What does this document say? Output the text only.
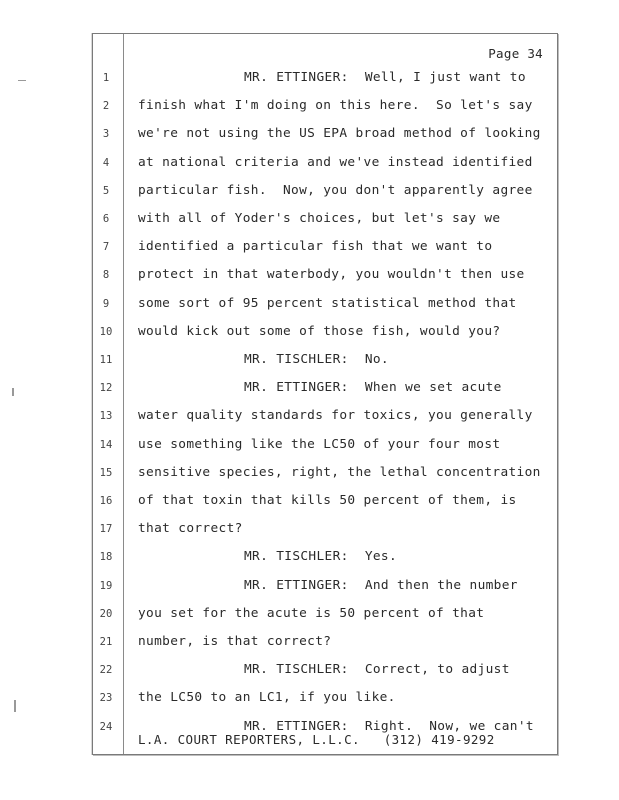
Page 34
1	MR. ETTINGER:  Well, I just want to
2	finish what I'm doing on this here.  So let's say
3	we're not using the US EPA broad method of looking
4	at national criteria and we've instead identified
5	particular fish.  Now, you don't apparently agree
6	with all of Yoder's choices, but let's say we
7	identified a particular fish that we want to
8	protect in that waterbody, you wouldn't then use
9	some sort of 95 percent statistical method that
10	would kick out some of those fish, would you?
11	MR. TISCHLER:  No.
12	MR. ETTINGER:  When we set acute
13	water quality standards for toxics, you generally
14	use something like the LC50 of your four most
15	sensitive species, right, the lethal concentration
16	of that toxin that kills 50 percent of them, is
17	that correct?
18	MR. TISCHLER:  Yes.
19	MR. ETTINGER:  And then the number
20	you set for the acute is 50 percent of that
21	number, is that correct?
22	MR. TISCHLER:  Correct, to adjust
23	the LC50 to an LC1, if you like.
24	MR. ETTINGER:  Right.  Now, we can't
L.A. COURT REPORTERS, L.L.C.   (312) 419-9292
